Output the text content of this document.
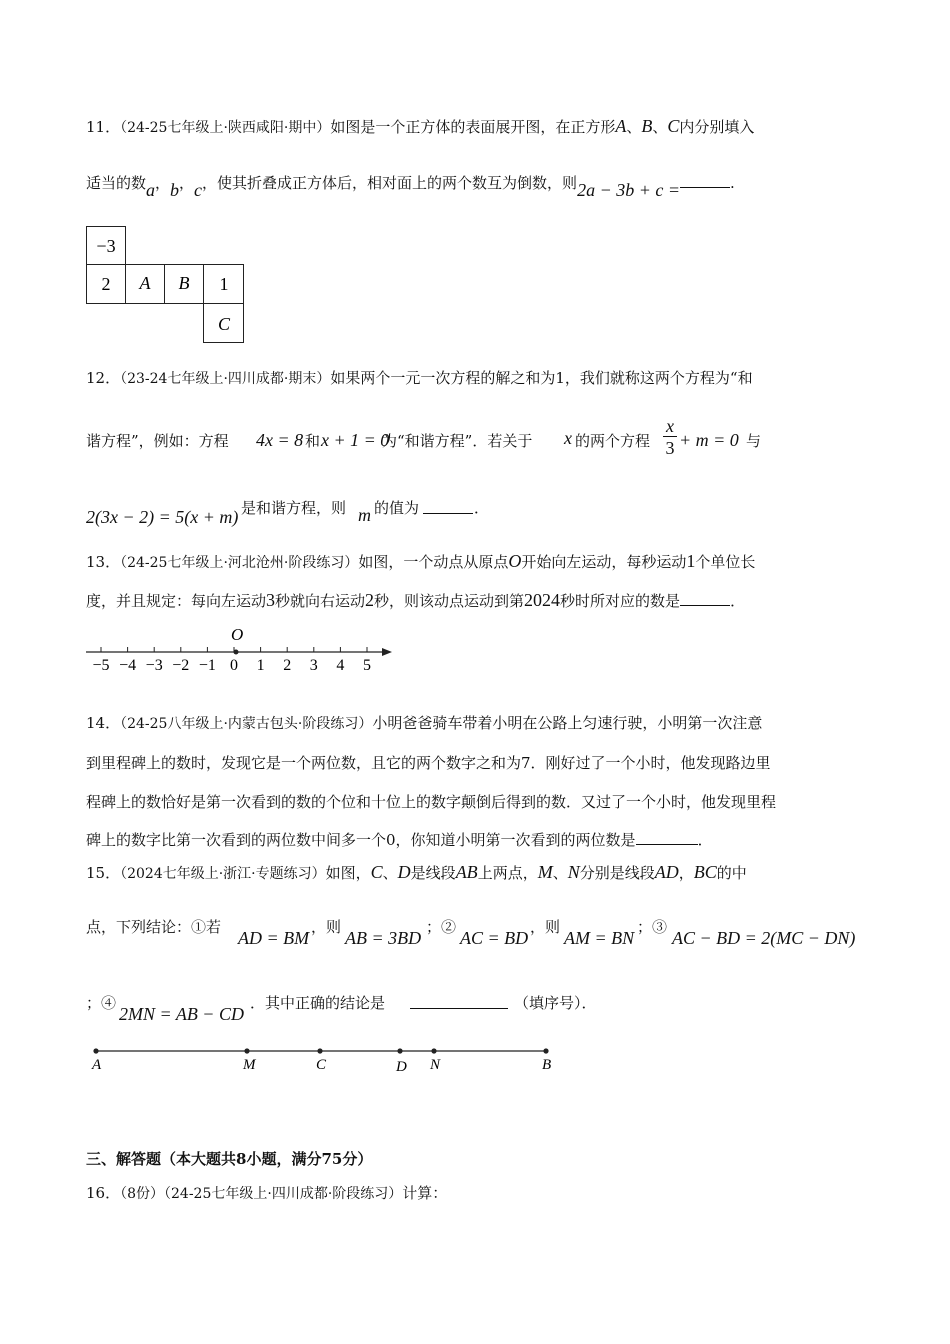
11．（24-25七年级上·陕西咸阳·期中）如图是一个正方体的表面展开图，在正方形A、B、C内分别填入
适当的数a，b，c，使其折叠成正方体后，相对面上的两个数互为倒数，则2a − 3b + c =	.
−3
2 A B 1
C
12．（23-24七年级上·四川成都·期末）如果两个一元一次方程的解之和为1，我们就称这两个方程为“和
谐方程”，例如：方程 4x = 8 和 x + 1 = 0
为“和谐方程”．若关于 x 的两个方程
x
3 + m = 0 与
2(3x − 2) = 5(x + m) 是和谐方程，则 m 的值为	．
13．（24-25七年级上·河北沧州·阶段练习）如图，一个动点从原点O开始向左运动，每秒运动1个单位长
度，并且规定：每向左运动3秒就向右运动2秒，则该动点运动到第2024秒时所对应的数是	．
O
−5 −4 −3 −2 −1 0 1 2 3 4 5
14．（24-25八年级上·内蒙古包头·阶段练习）小明爸爸骑车带着小明在公路上匀速行驶，小明第一次注意
到里程碑上的数时，发现它是一个两位数，且它的两个数字之和为7．刚好过了一个小时，他发现路边里
程碑上的数恰好是第一次看到的数的个位和十位上的数字颠倒后得到的数．又过了一个小时，他发现里程
碑上的数字比第一次看到的两位数中间多一个0，你知道小明第一次看到的两位数是	．
15．（2024七年级上·浙江·专题练习）如图，C、D是线段AB上两点，M、N分别是线段AD，BC的中
点，下列结论：①若
AD = BM
，则
AB = 3BD
；②
AC = BD
，则
AM = BN
；③
AC − BD = 2(MC − DN)
；④
2MN = AB − CD
．其中正确的结论是	（填序号）．
A	M	C	D N	B
三、解答题（本大题共8小题，满分75分）
16．（8份）（24-25七年级上·四川成都·阶段练习）计算：
